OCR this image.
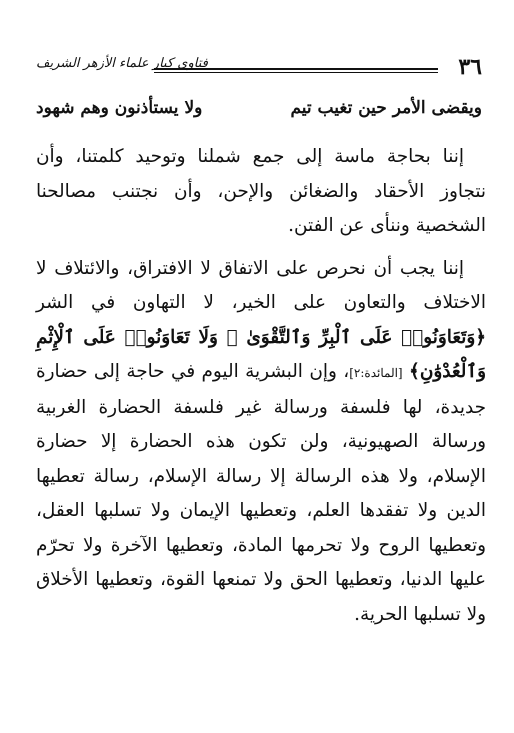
٣٦
فتاوى كبار علماء الأزهر الشريف
ويقضى الأمر حين تغيب تيم
ولا يستأذنون وهم شهود

إننا بحاجة ماسة إلى جمع شملنا وتوحيد كلمتنا، وأن نتجاوز الأحقاد والضغائن والإحن، وأن نجتنب مصالحنا الشخصية وننأى عن الفتن.

إننا يجب أن نحرص على الاتفاق لا الافتراق، والائتلاف لا الاختلاف والتعاون على الخير، لا التهاون في الشر ﴿وَتَعَاوَنُوا۟ عَلَى ٱلْبِرِّ وَٱلتَّقْوَىٰ ۖ وَلَا تَعَاوَنُوا۟ عَلَى ٱلْإِثْمِ وَٱلْعُدْوَٰنِ﴾ [المائدة:٢]، وإن البشرية اليوم في حاجة إلى حضارة جديدة، لها فلسفة ورسالة غير فلسفة الحضارة الغربية ورسالة الصهيونية، ولن تكون هذه الحضارة إلا حضارة الإسلام، ولا هذه الرسالة إلا رسالة الإسلام، رسالة تعطيها الدين ولا تفقدها العلم، وتعطيها الإيمان ولا تسلبها العقل، وتعطيها الروح ولا تحرمها المادة، وتعطيها الآخرة ولا تحرّم عليها الدنيا، وتعطيها الحق ولا تمنعها القوة، وتعطيها الأخلاق ولا تسلبها الحرية.
